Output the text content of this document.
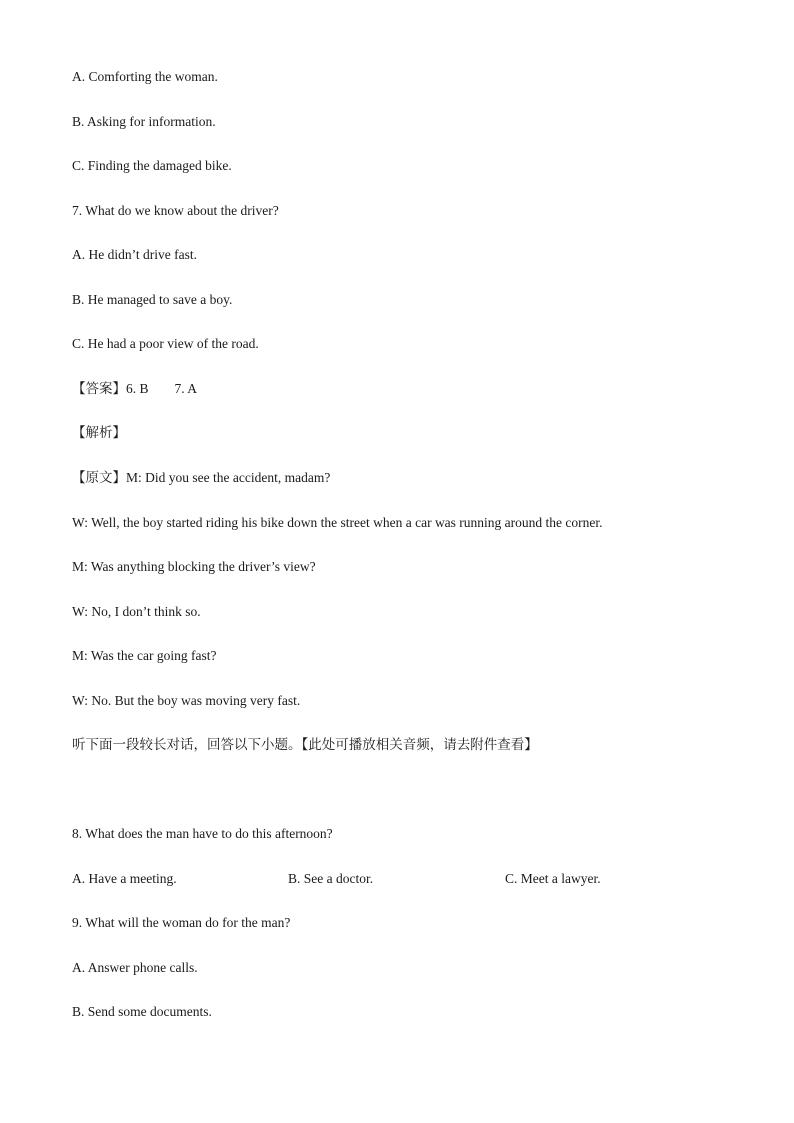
A. Comforting the woman.
B. Asking for information.
C. Finding the damaged bike.
7. What do we know about the driver?
A. He didn’t drive fast.
B. He managed to save a boy.
C. He had a poor view of the road.
【答案】6. B 7. A
【解析】
【原文】M: Did you see the accident, madam?
W: Well, the boy started riding his bike down the street when a car was running around the corner.
M: Was anything blocking the driver’s view?
W: No, I don’t think so.
M: Was the car going fast?
W: No. But the boy was moving very fast.
听下面一段较长对话，回答以下小题。【此处可播放相关音频，请去附件查看】
8. What does the man have to do this afternoon?
A. Have a meeting.	B. See a doctor.	C. Meet a lawyer.
9. What will the woman do for the man?
A. Answer phone calls.
B. Send some documents.
